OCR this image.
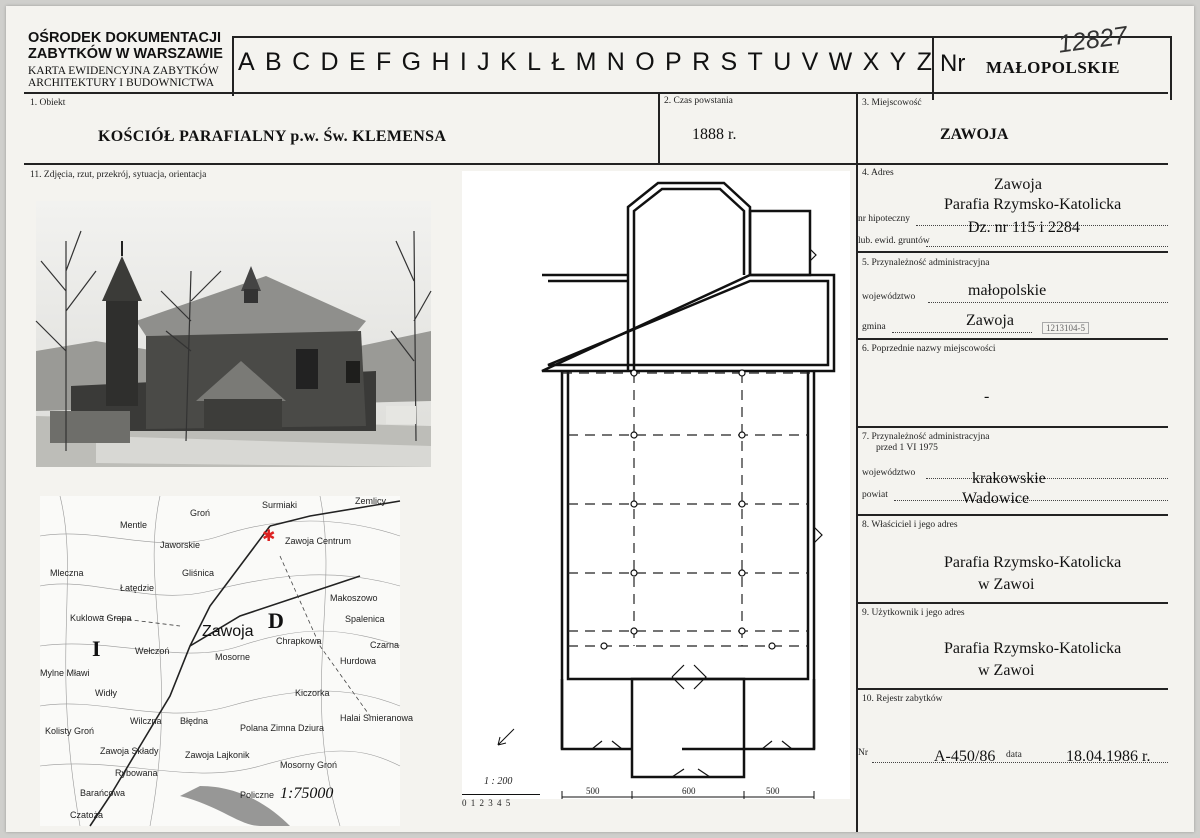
OŚRODEK DOKUMENTACJI
ZABYTKÓW W WARSZAWIE
KARTA EWIDENCYJNA ZABYTKÓW
ARCHITEKTURY I BUDOWNICTWA
A B C D E F G H I J K L Ł M N O P R S T U V W X Y Z Nr MAŁOPOLSKIE
12827
1. Obiekt
KOŚCIÓŁ PARAFIALNY p.w. Św. KLEMENSA
2. Czas powstania
1888 r.
3. Miejscowość
ZAWOJA
11. Zdjęcia, rzut, przekrój, sytuacja, orientacja
✱
Zawoja D
I
Zawoja Centrum
Mentle
Jaworskie
Gliśnica
Mleczna
Łatędzie
Kuklowa Grapa
Wełczoń
Mosorne
Chrapkowa
Makoszowo
Spalenica
Czarna
Hurdowa
Mylne Mławi
Widły
Wilczna Błędna
Kolisty Groń
Zawoja Składy
Rybowana
Zawoja Lajkonik
Barańcowa
Czatoża
Policzne
Polana Zimna Dziura
Mosorny Groń
Kiczorka
Surmiaki	Zemlicy
Groń
Halai Smieranowa
1:75000
1 : 200
0 1 2 3 4 5
500	600	500
4. Adres
Zawoja
Parafia Rzymsko-Katolicka
nr hipoteczny	Dz. nr 115 i 2284
lub. ewid. gruntów
5. Przynależność administracyjna
województwo	małopolskie
gmina	Zawoja	1213104-5
6. Poprzednie nazwy miejscowości
-
7. Przynależność administracyjna
przed 1 VI 1975
województwo	krakowskie
powiat	Wadowice
8. Właściciel i jego adres
Parafia Rzymsko-Katolicka
w Zawoi
9. Użytkownik i jego adres
Parafia Rzymsko-Katolicka
w Zawoi
10. Rejestr zabytków
Nr	A-450/86 data	18.04.1986 r.
